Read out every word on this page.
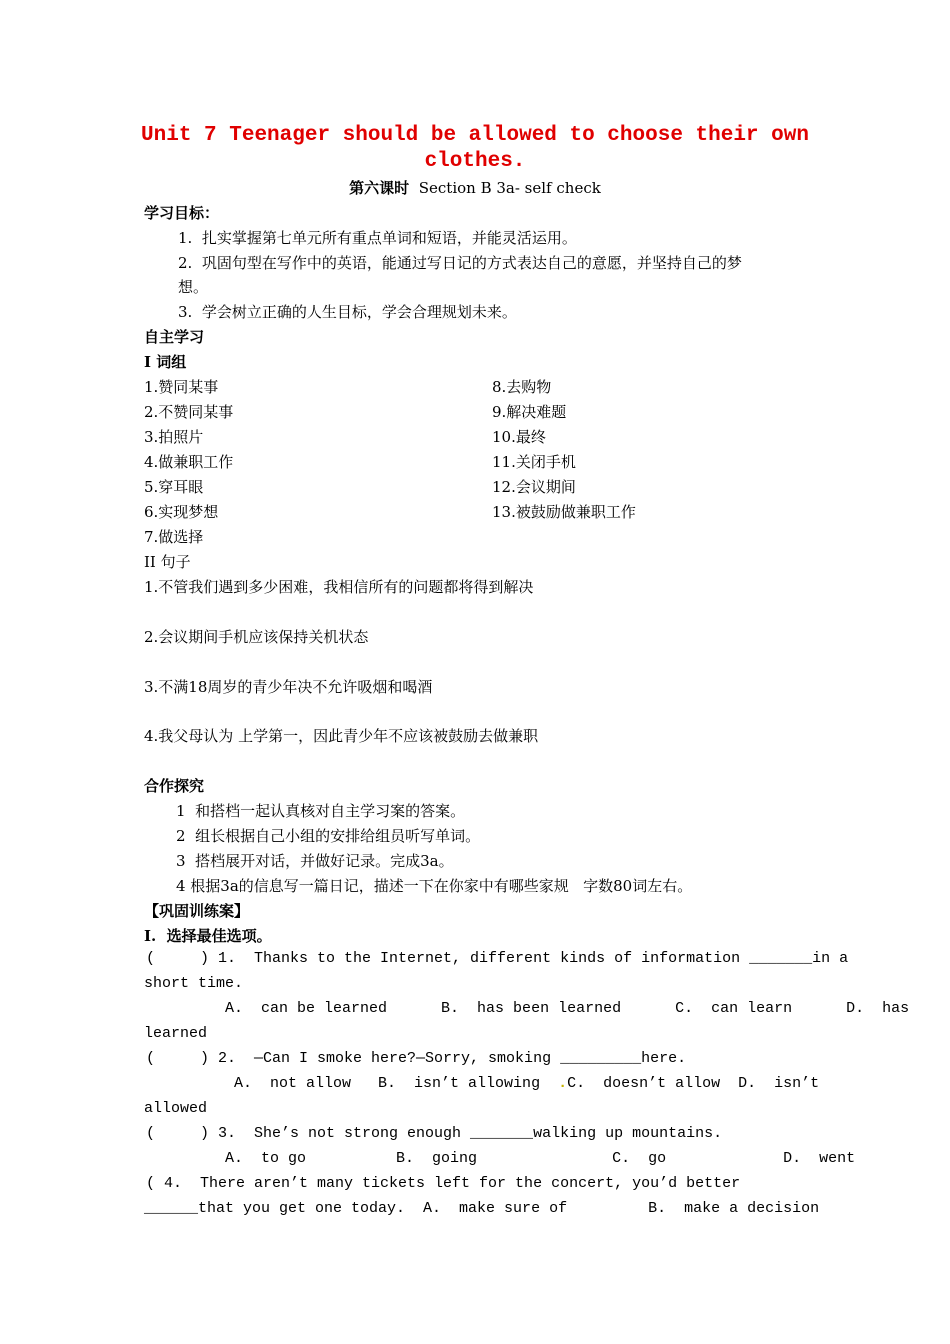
Unit 7 Teenager should be allowed to choose their own
clothes.
第六课时 Section B 3a- self check
学习目标：
1.  扎实掌握第七单元所有重点单词和短语，并能灵活运用。
2.  巩固句型在写作中的英语，能通过写日记的方式表达自己的意愿，并坚持自己的梦
想。
3.  学会树立正确的人生目标，学会合理规划未来。
自主学习
I 词组
1.赞同某事
2.不赞同某事
3.拍照片
4.做兼职工作
5.穿耳眼
6.实现梦想
7.做选择
8.去购物
9.解决难题
10.最终
11.关闭手机
12.会议期间
13.被鼓励做兼职工作
II 句子
1.不管我们遇到多少困难，我相信所有的问题都将得到解决
2.会议期间手机应该保持关机状态
3.不满18周岁的青少年决不允许吸烟和喝酒
4.我父母认为 上学第一，因此青少年不应该被鼓励去做兼职
合作探究
1  和搭档一起认真核对自主学习案的答案。
2  组长根据自己小组的安排给组员听写单词。
3  搭档展开对话，并做好记录。完成3a。
4 根据3a的信息写一篇日记，描述一下在你家中有哪些家规   字数80词左右。
【巩固训练案】
I.  选择最佳选项。
(     ) 1.  Thanks to the Internet, different kinds of information _______in a
short time.
A.  can be learned      B.  has been learned      C.  can learn      D.  has
learned
(     ) 2.  —Can I smoke here?—Sorry, smoking _________here.
A.  not allow   B.  isn’t allowing  .C.  doesn’t allow  D.  isn’t
allowed
(     ) 3.  She’s not strong enough _______walking up mountains.
A.  to go          B.  going               C.  go             D.  went
( 4.  There aren’t many tickets left for the concert, you’d better
______that you get one today.  A.  make sure of         B.  make a decision
